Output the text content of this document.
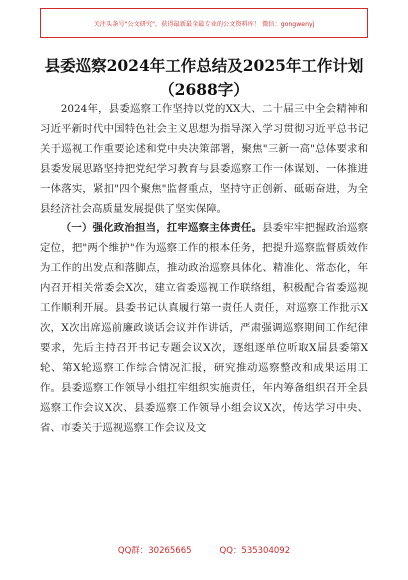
关注头条号"公文研究"，获得最新最全最专业的公文资料库！ 微信：gongwenyj
县委巡察2024年工作总结及2025年工作计划（2688字）

2024年，县委巡察工作坚持以党的XX大、二十届三中全会精神和习近平新时代中国特色社会主义思想为指导深入学习贯彻习近平总书记关于巡视工作重要论述和党中央决策部署，聚焦"三新一高"总体要求和县委发展思路坚持把党纪学习教育与县委巡察工作一体谋划、一体推进一体落实，紧扣"四个聚焦"监督重点，坚持守正创新、砥砺奋进，为全县经济社会高质量发展提供了坚实保障。

（一）强化政治担当，扛牢巡察主体责任。县委牢牢把握政治巡察定位，把"两个维护"作为巡察工作的根本任务，把提升巡察监督质效作为工作的出发点和落脚点，推动政治巡察具体化、精准化、常态化，年内召开相关常委会X次，建立省委巡视工作联络组，积极配合省委巡视工作顺利开展。县委书记认真履行第一责任人责任，对巡察工作批示X次，X次出席巡前廉政谈话会议并作讲话，严肃强调巡察期间工作纪律要求，先后主持召开书记专题会议X次，逐组逐单位听取X届县委第X轮、第X轮巡察工作综合情况汇报，研究推动巡察整改和成果运用工作。县委巡察工作领导小组扛牢组织实施责任，年内筹备组织召开全县巡察工作会议X次、县委巡察工作领导小组会议X次，传达学习中央、省、市委关于巡视巡察工作会议及文

QQ群：30265665	QQ：535304092
